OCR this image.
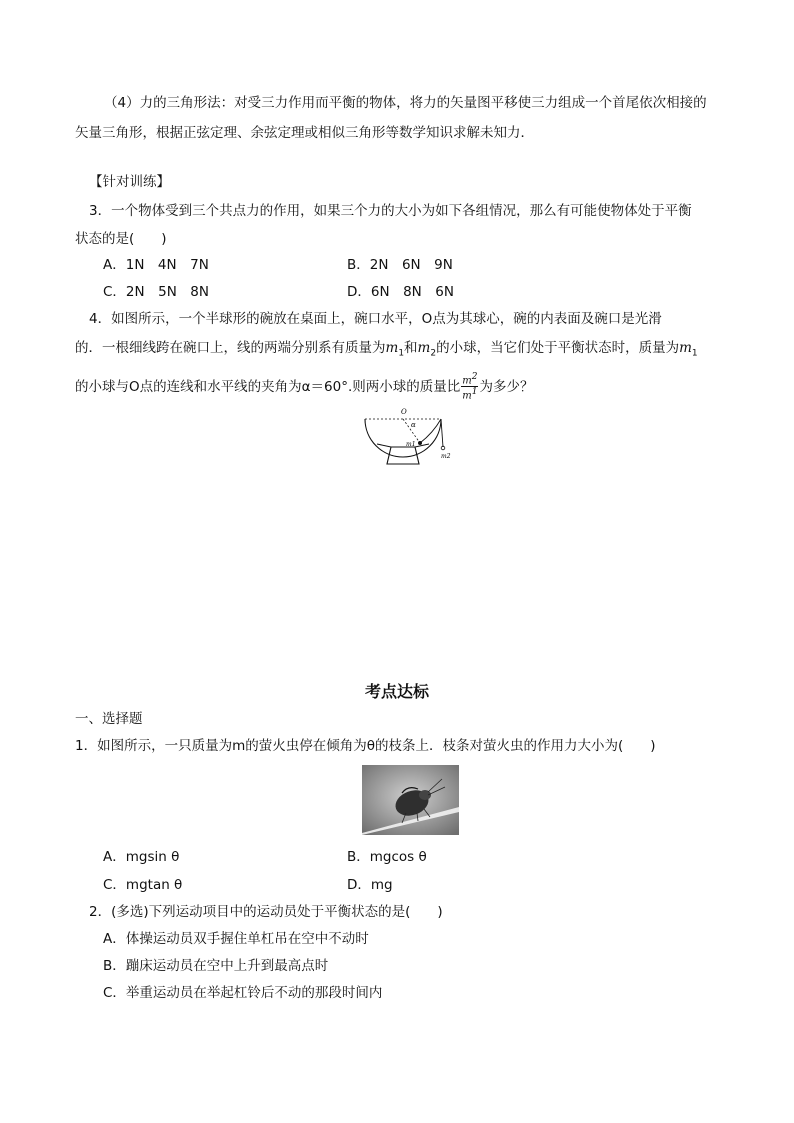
（4）力的三角形法：对受三力作用而平衡的物体，将力的矢量图平移使三力组成一个首尾依次相接的
矢量三角形，根据正弦定理、余弦定理或相似三角形等数学知识求解未知力．
【针对训练】
3．一个物体受到三个共点力的作用，如果三个力的大小为如下各组情况，那么有可能使物体处于平衡
状态的是(　　)
A．1N　4N　7N	B．2N　6N　9N
C．2N　5N　8N	D．6N　8N　6N
4．如图所示，一个半球形的碗放在桌面上，碗口水平，O点为其球心，碗的内表面及碗口是光滑
的．一根细线跨在碗口上，线的两端分别系有质量为$m_1$和$m_2$的小球，当它们处于平衡状态时，质量为$m_1$
的小球与O点的连线和水平线的夹角为α＝60°.则两小球的质量比 $\frac{m^2}{m^1}$ 为多少？
O
α
m1
m2
考点达标
一、选择题
1．如图所示，一只质量为m的萤火虫停在倾角为θ的枝条上．枝条对萤火虫的作用力大小为(　　)
A．mgsin θ	B．mgcos θ
C．mgtan θ	D．mg
2．(多选)下列运动项目中的运动员处于平衡状态的是(　　)
A．体操运动员双手握住单杠吊在空中不动时
B．蹦床运动员在空中上升到最高点时
C．举重运动员在举起杠铃后不动的那段时间内
